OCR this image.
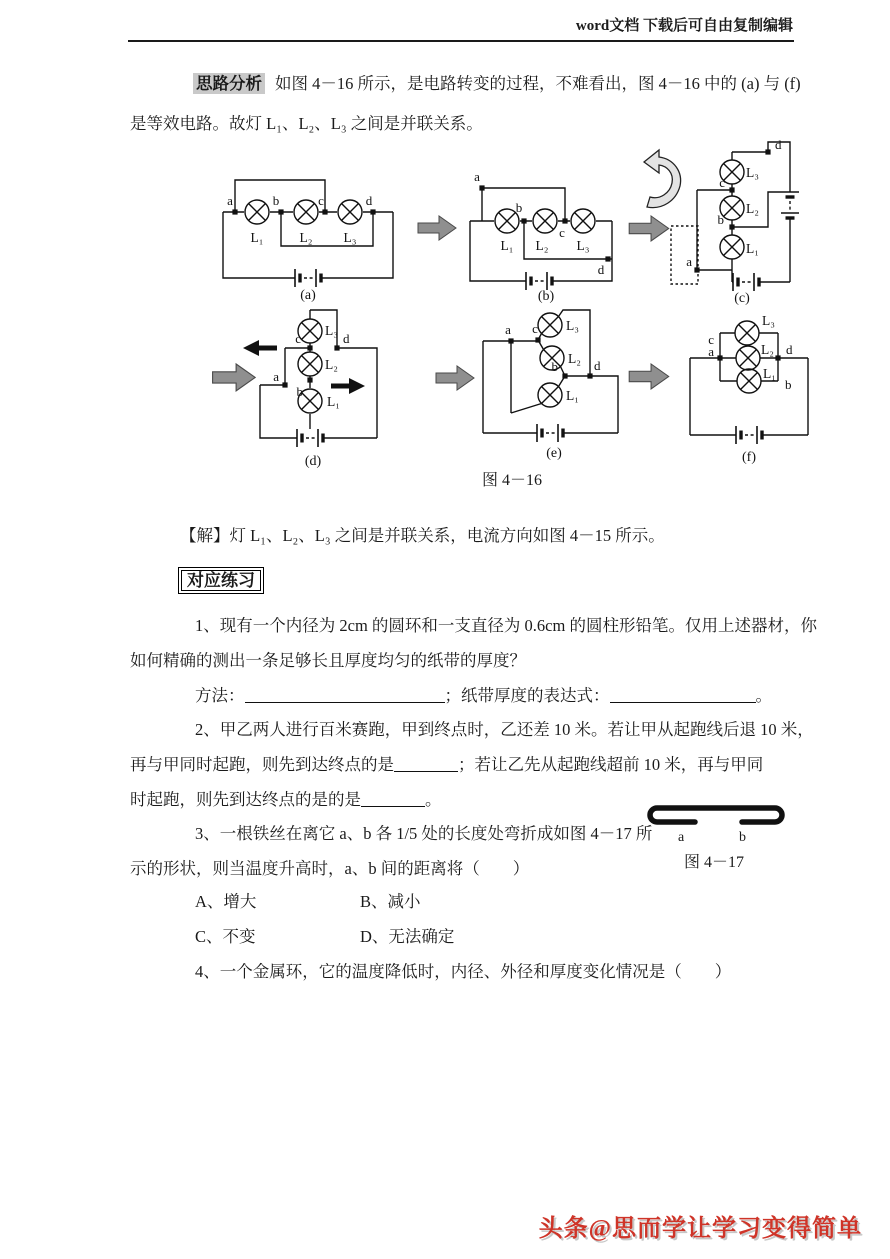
word文档 下载后可自由复制编辑
思路分析 如图 4－16 所示，是电路转变的过程，不难看出，图 4－16 中的 (a) 与 (f)
是等效电路。故灯 L₁、L₂、L₃ 之间是并联关系。
a	b	c	d
L₁	L₂ L₃
(a)
a
b
c
d
L₁ L₂ L₃
(b)
d
c
b
a
L₃
L₂
L₁
(c)
c	d
a
b
L₃
L₂
L₁
(d)
a c
b	d
L₃
L₂
L₁
(e)
c
a	d
b
L₃
L₂
L₁
(f)
图 4－16
【解】灯 L₁、L₂、L₃ 之间是并联关系，电流方向如图 4－15 所示。
对应练习
1、现有一个内径为 2cm 的圆环和一支直径为 0.6cm 的圆柱形铅笔。仅用上述器材，你
如何精确的测出一条足够长且厚度均匀的纸带的厚度？
方法：	；纸带厚度的表达式：	。
2、甲乙两人进行百米赛跑，甲到终点时，乙还差 10 米。若让甲从起跑线后退 10 米，
再与甲同时起跑，则先到达终点的是	；若让乙先从起跑线超前 10 米，再与甲同
时起跑，则先到达终点的是的是	。
3、一根铁丝在离它 a、b 各 1/5 处的长度处弯折成如图 4－17 所
示的形状，则当温度升高时，a、b 间的距离将（　　）
a	b
图 4－17
A、增大	B、减小
C、不变	D、无法确定
4、一个金属环，它的温度降低时，内径、外径和厚度变化情况是（　　）
头条@思而学让学习变得简单
